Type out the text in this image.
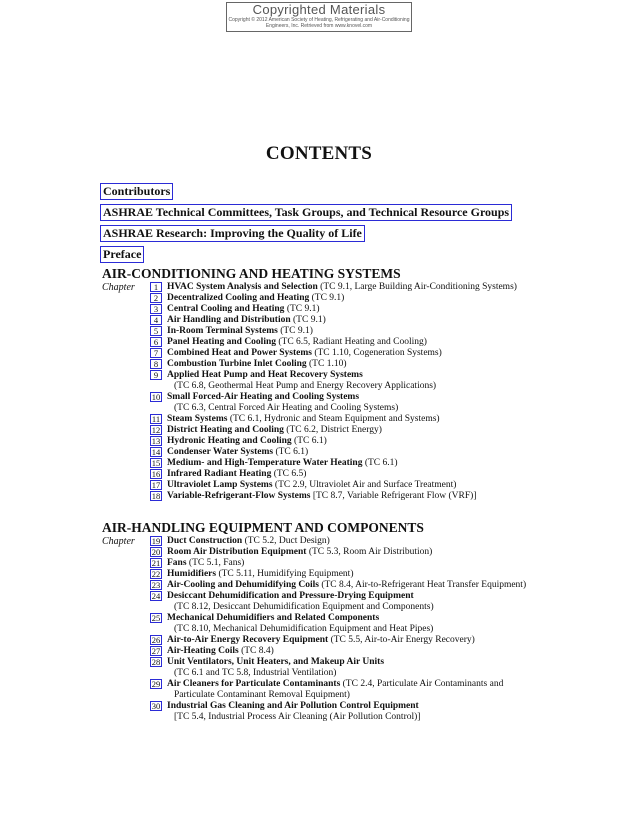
Copyrighted Materials
Copyright © 2012 American Society of Heating, Refrigerating and Air-Conditioning
Engineers, Inc. Retrieved from www.knovel.com
CONTENTS
Contributors
ASHRAE Technical Committees, Task Groups, and Technical Resource Groups
ASHRAE Research: Improving the Quality of Life
Preface
AIR-CONDITIONING AND HEATING SYSTEMS
Chapter	1 HVAC System Analysis and Selection (TC 9.1, Large Building Air-Conditioning Systems)
2 Decentralized Cooling and Heating (TC 9.1)
3 Central Cooling and Heating (TC 9.1)
4 Air Handling and Distribution (TC 9.1)
5 In-Room Terminal Systems (TC 9.1)
6 Panel Heating and Cooling (TC 6.5, Radiant Heating and Cooling)
7 Combined Heat and Power Systems (TC 1.10, Cogeneration Systems)
8 Combustion Turbine Inlet Cooling (TC 1.10)
9 Applied Heat Pump and Heat Recovery Systems
(TC 6.8, Geothermal Heat Pump and Energy Recovery Applications)
10 Small Forced-Air Heating and Cooling Systems
(TC 6.3, Central Forced Air Heating and Cooling Systems)
11 Steam Systems (TC 6.1, Hydronic and Steam Equipment and Systems)
12 District Heating and Cooling (TC 6.2, District Energy)
13 Hydronic Heating and Cooling (TC 6.1)
14 Condenser Water Systems (TC 6.1)
15 Medium- and High-Temperature Water Heating (TC 6.1)
16 Infrared Radiant Heating (TC 6.5)
17 Ultraviolet Lamp Systems (TC 2.9, Ultraviolet Air and Surface Treatment)
18 Variable-Refrigerant-Flow Systems [TC 8.7, Variable Refrigerant Flow (VRF)]
AIR-HANDLING EQUIPMENT AND COMPONENTS
Chapter 19 Duct Construction (TC 5.2, Duct Design)
20 Room Air Distribution Equipment (TC 5.3, Room Air Distribution)
21 Fans (TC 5.1, Fans)
22 Humidifiers (TC 5.11, Humidifying Equipment)
23 Air-Cooling and Dehumidifying Coils (TC 8.4, Air-to-Refrigerant Heat Transfer Equipment)
24 Desiccant Dehumidification and Pressure-Drying Equipment
(TC 8.12, Desiccant Dehumidification Equipment and Components)
25 Mechanical Dehumidifiers and Related Components
(TC 8.10, Mechanical Dehumidification Equipment and Heat Pipes)
26 Air-to-Air Energy Recovery Equipment (TC 5.5, Air-to-Air Energy Recovery)
27 Air-Heating Coils (TC 8.4)
28 Unit Ventilators, Unit Heaters, and Makeup Air Units
(TC 6.1 and TC 5.8, Industrial Ventilation)
29 Air Cleaners for Particulate Contaminants (TC 2.4, Particulate Air Contaminants and
Particulate Contaminant Removal Equipment)
30 Industrial Gas Cleaning and Air Pollution Control Equipment
[TC 5.4, Industrial Process Air Cleaning (Air Pollution Control)]
